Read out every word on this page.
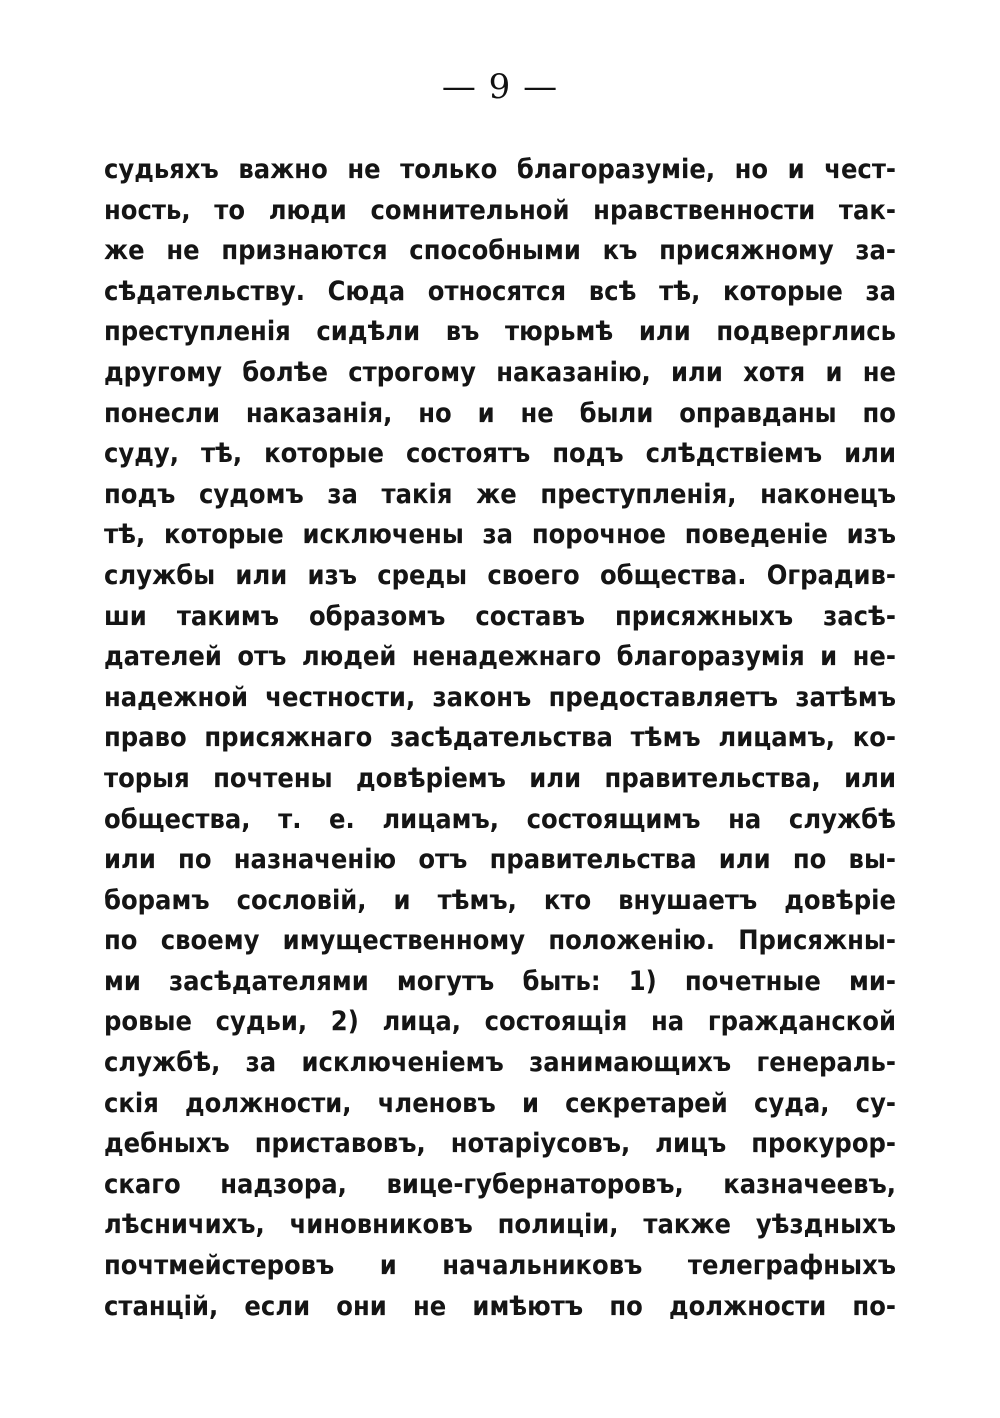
— 9 —
судьяхъ важно не только благоразуміе, но и чест-
ность, то люди сомнительной нравственности так-
же не признаются способными къ присяжному за-
сѣдательству. Сюда относятся всѣ тѣ, которые за
преступленія сидѣли въ тюрьмѣ или подверглись
другому болѣе строгому наказанію, или хотя и не
понесли наказанія, но и не были оправданы по
суду, тѣ, которые состоятъ подъ слѣдствіемъ или
подъ судомъ за такія же преступленія, наконецъ
тѣ, которые исключены за порочное поведеніе изъ
службы или изъ среды своего общества. Оградив-
ши такимъ образомъ составъ присяжныхъ засѣ-
дателей отъ людей ненадежнаго благоразумія и не-
надежной честности, законъ предоставляетъ затѣмъ
право присяжнаго засѣдательства тѣмъ лицамъ, ко-
торыя почтены довѣріемъ или правительства, или
общества, т. е. лицамъ, состоящимъ на службѣ
или по назначенію отъ правительства или по вы-
борамъ сословій, и тѣмъ, кто внушаетъ довѣріе
по своему имущественному положенію. Присяжны-
ми засѣдателями могутъ быть: 1) почетные ми-
ровые судьи, 2) лица, состоящія на гражданской
службѣ, за исключеніемъ занимающихъ генераль-
скія должности, членовъ и секретарей суда, су-
дебныхъ приставовъ, нотаріусовъ, лицъ прокурор-
скаго надзора, вице-губернаторовъ, казначеевъ,
лѣсничихъ, чиновниковъ полиціи, также уѣздныхъ
почтмейстеровъ и начальниковъ телеграфныхъ
станцій, если они не имѣютъ по должности по-
